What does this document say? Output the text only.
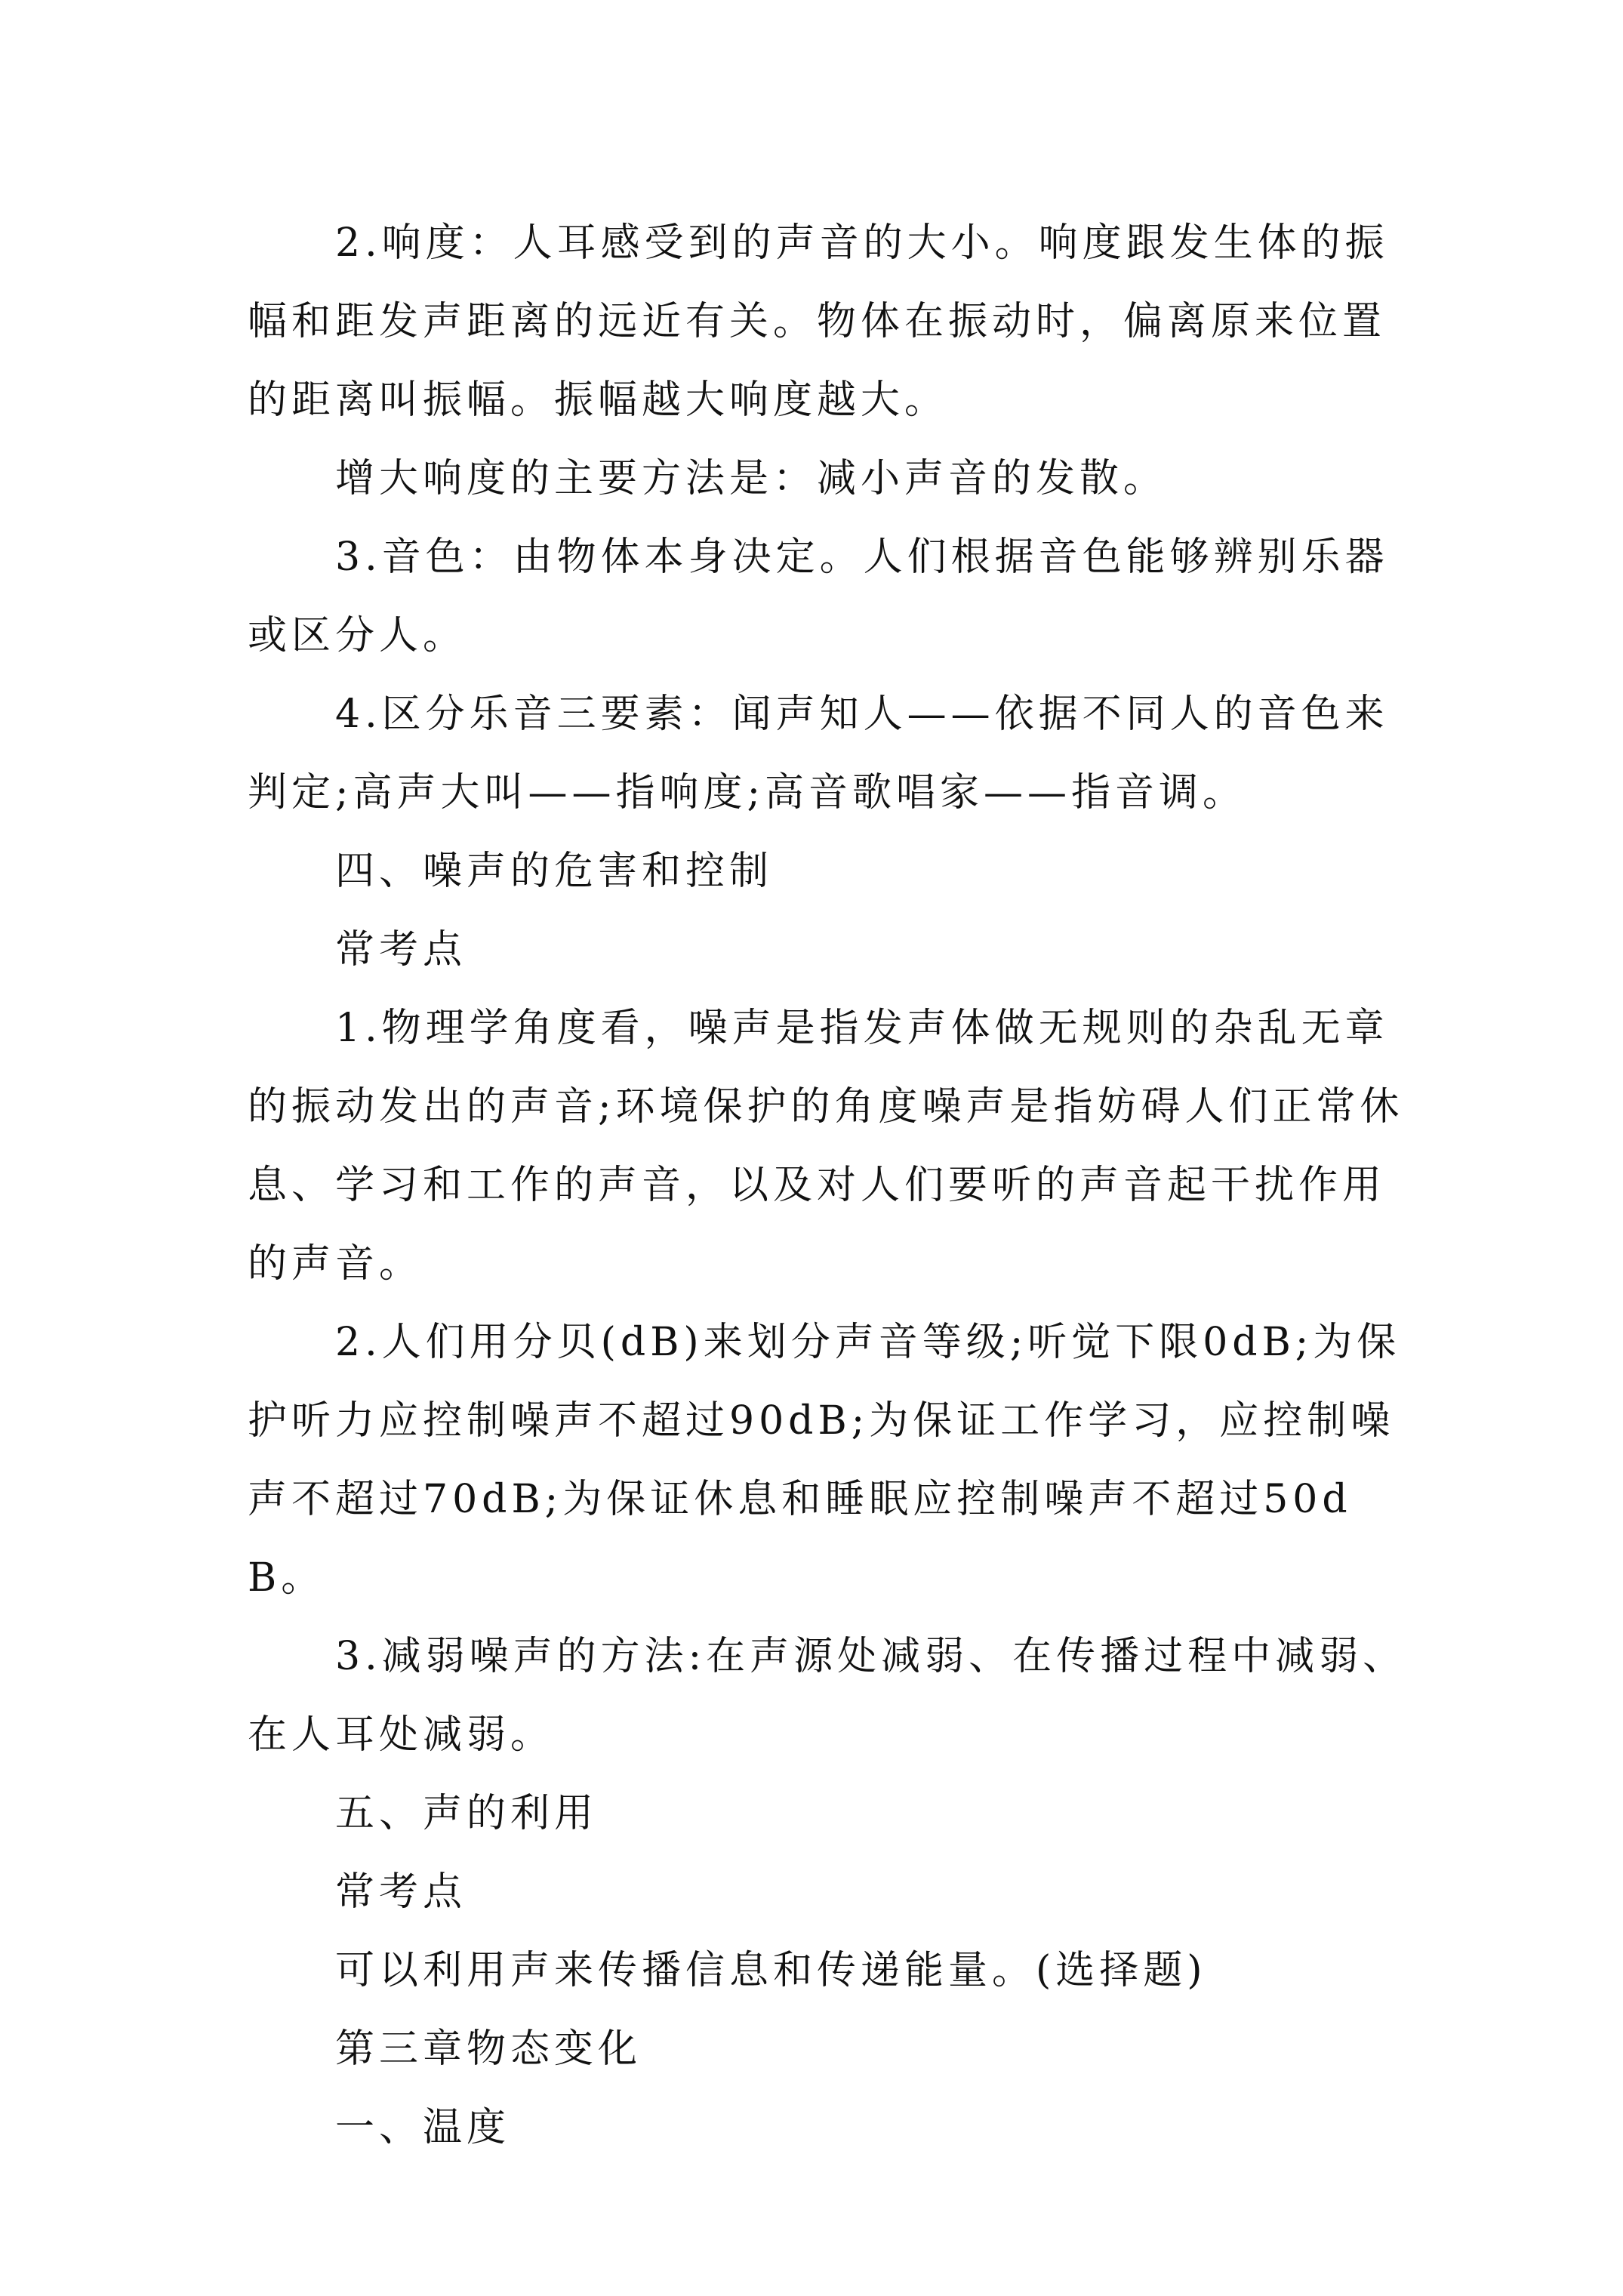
2.响度：人耳感受到的声音的大小。响度跟发生体的振幅和距发声距离的远近有关。物体在振动时，偏离原来位置的距离叫振幅。振幅越大响度越大。

增大响度的主要方法是：减小声音的发散。

3.音色：由物体本身决定。人们根据音色能够辨别乐器或区分人。

4.区分乐音三要素：闻声知人——依据不同人的音色来判定;高声大叫——指响度;高音歌唱家——指音调。

四、噪声的危害和控制

常考点

1.物理学角度看，噪声是指发声体做无规则的杂乱无章的振动发出的声音;环境保护的角度噪声是指妨碍人们正常休息、学习和工作的声音，以及对人们要听的声音起干扰作用的声音。

2.人们用分贝(dB)来划分声音等级;听觉下限0dB;为保护听力应控制噪声不超过90dB;为保证工作学习，应控制噪声不超过70dB;为保证休息和睡眠应控制噪声不超过50dB。

3.减弱噪声的方法:在声源处减弱、在传播过程中减弱、在人耳处减弱。

五、声的利用

常考点

可以利用声来传播信息和传递能量。(选择题)

第三章物态变化

一、温度
